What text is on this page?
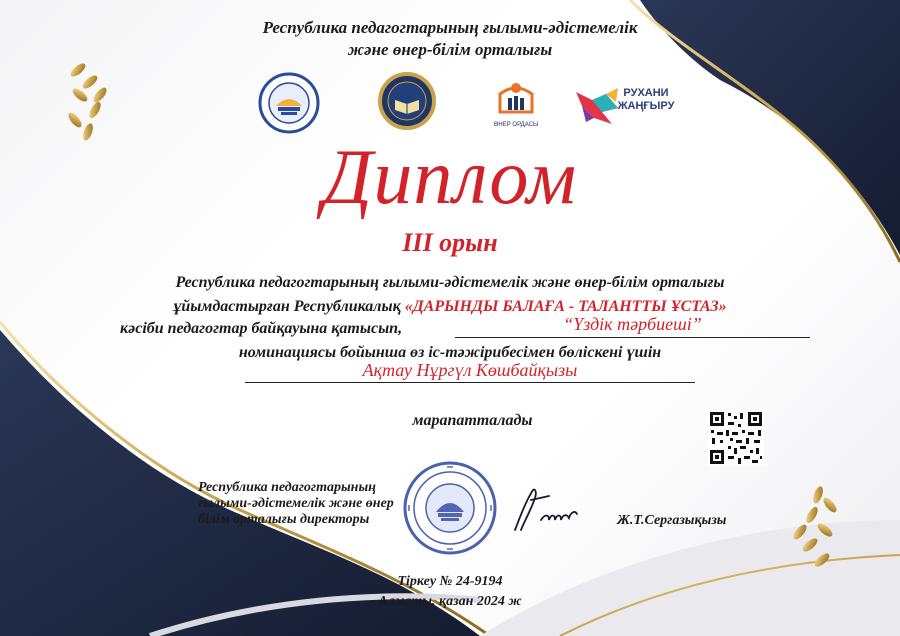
Республика педагогтарының ғылыми-әдістемелік
және өнер-білім орталығы
ӨНЕР ОРДАСЫ
РУХАНИ
ЖАҢҒЫРУ
Диплом
III орын
Республика педагогтарының ғылыми-әдістемелік және өнер-білім орталығы
ұйымдастырған Республикалық «ДАРЫНДЫ БАЛАҒА - ТАЛАНТТЫ ҰСТАЗ»
кәсіби педагогтар байқауына қатысып,	“Үздік тәрбиеші”
номинациясы бойынша өз іс-тәжірибесімен бөліскені үшін
Ақтау Нұргүл Көшбайқызы
марапатталады
Республика педагогтарының
ғылыми-әдістемелік және өнер
білім орталығы директоры	Ж.Т.Сергазықызы
Тіркеу № 24-9194
Алматы, қазан 2024 ж
